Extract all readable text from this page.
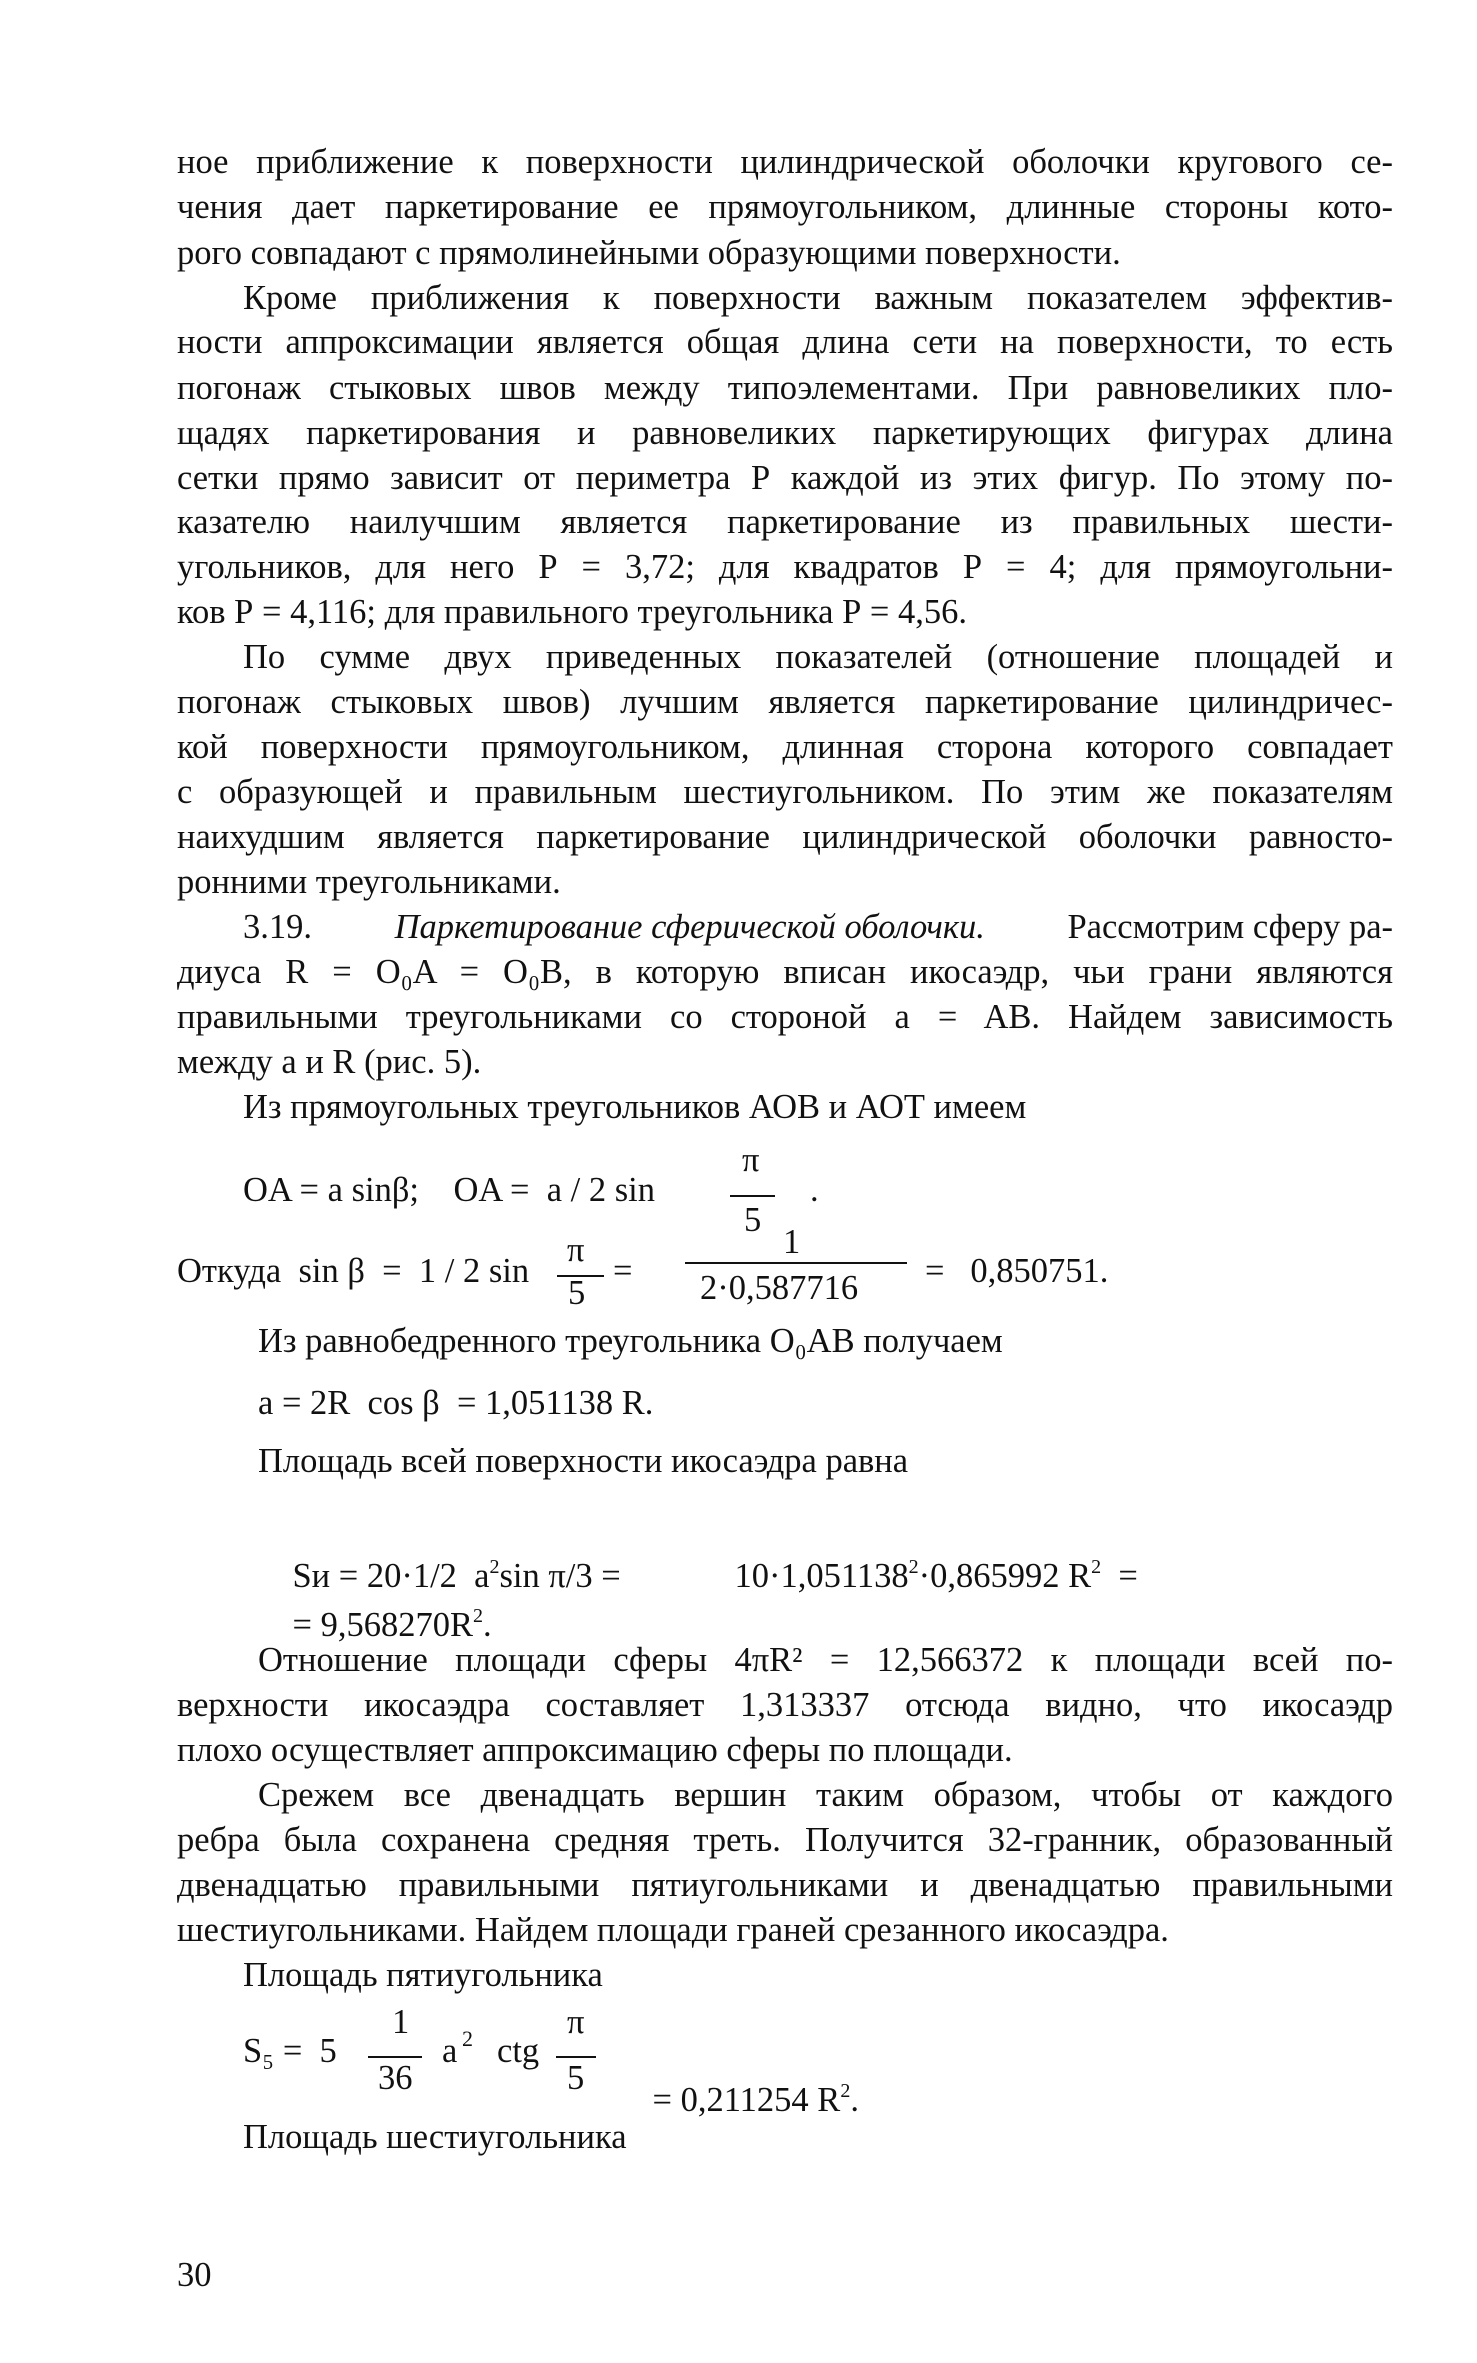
ное приближение к поверхности цилиндрической оболочки кругового се-
чения дает паркетирование ее прямоугольником, длинные стороны кото-
рого совпадают с прямолинейными образующими поверхности.
Кроме приближения к поверхности важным показателем эффектив-
ности аппроксимации является общая длина сети на поверхности, то есть
погонаж стыковых швов между типоэлементами. При равновеликих пло-
щадях паркетирования и равновеликих паркетирующих фигурах длина
сетки прямо зависит от периметра Р каждой из этих фигур. По этому по-
казателю наилучшим является паркетирование из правильных шести-
угольников, для него Р = 3,72; для квадратов Р = 4; для прямоугольни-
ков Р = 4,116; для правильного треугольника Р = 4,56.
По сумме двух приведенных показателей (отношение площадей и
погонаж стыковых швов) лучшим является паркетирование цилиндричес-
кой поверхности прямоугольником, длинная сторона которого совпадает
с образующей и правильным шестиугольником. По этим же показателям
наихудшим является паркетирование цилиндрической оболочки равносто-
ронними треугольниками.
3.19. Паркетирование сферической оболочки. Рассмотрим сферу ра-
диуса R = O₀A = O₀B, в которую вписан икосаэдр, чьи грани являются
правильными треугольниками со стороной a = AB. Найдем зависимость
между a и R (рис. 5).
Из прямоугольных треугольников АОВ и АОТ имеем
π
OA = a sinβ;    OA =  a / 2 sin
5
.
π	1
Откуда  sin β  =  1 / 2 sin
5
= 2·0,587716 =   0,850751.
Из равнобедренного треугольника O₀AB получаем
a = 2R  cos β  = 1,051138 R.
Площадь всей поверхности икосаэдра равна

Sи = 20·1/2  $a^2\sin$ π/3 =
	$10\cdot 1,051138^2\cdot 0,865992$ $R^2$ =

= $9,568270R^2$.

Отношение площади сферы 4πR² = 12,566372 к площади всей по-
верхности икосаэдра составляет 1,313337 отсюда видно, что икосаэдр
плохо осуществляет аппроксимацию сферы по площади.
Срежем все двенадцать вершин таким образом, чтобы от каждого
ребра была сохранена средняя треть. Получится 32-гранник, образованный
двенадцатью правильными пятиугольниками и двенадцатью правильными
шестиугольниками. Найдем площади граней срезанного икосаэдра.
Площадь пятиугольника
1	π
S₅ =  5
36
a 2 ctg
5

= 0,211254 $R^2$.

Площадь шестиугольника
30
